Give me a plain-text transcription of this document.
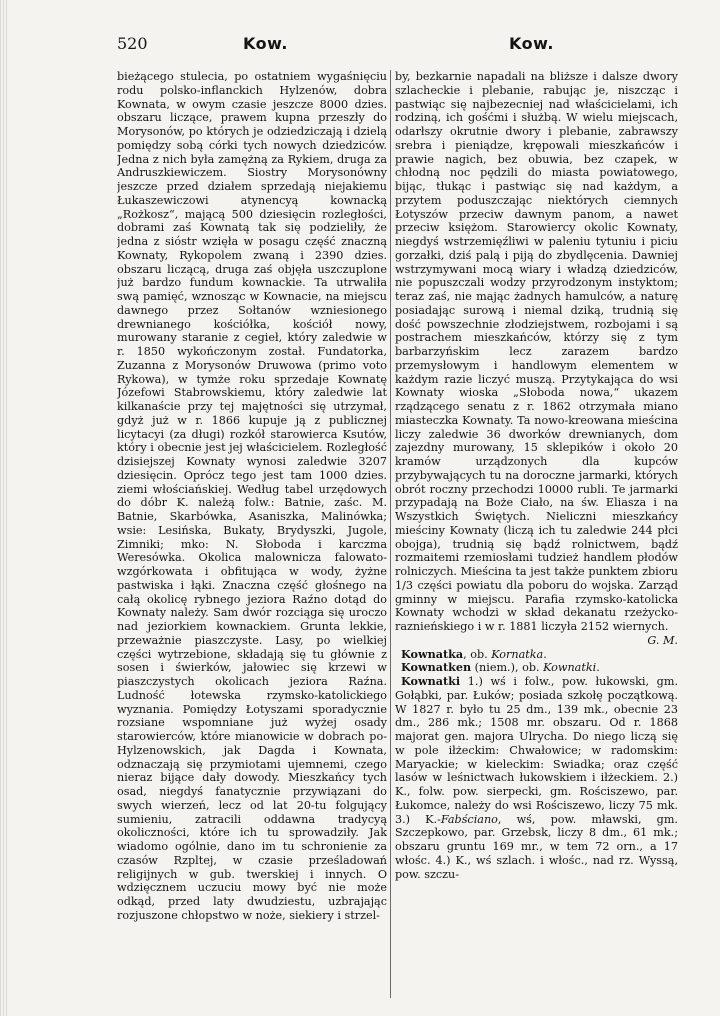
520	Kow.	Kow.

bieżącego stulecia, po ostatniem wygaśnięciu rodu polsko-inflanckich Hylzenów, dobra Kownata, w owym czasie jeszcze 8000 dzies. obszaru liczące, prawem kupna przeszły do Morysonów, po których je odziedziczają i dzielą pomiędzy sobą córki tych nowych dziedziców. Jedna z nich była zamężną za Rykiem, druga za Andruszkiewiczem. Siostry Morysonówny jeszcze przed działem sprzedają niejakiemu Łukaszewiczowi atynencyą kownacką „Rożkosz“, mającą 500 dziesięcin rozległości, dobrami zaś Kownatą tak się podzieliły, że jedna z sióstr wzięła w posagu część znaczną Kownaty, Rykopolem zwaną i 2390 dzies. obszaru liczącą, druga zaś objęła uszczuplone już bardzo fundum kownackie. Ta utrwaliła swą pamięć, wznosząc w Kownacie, na miejscu dawnego przez Sołtanów wzniesionego drewnianego kościółka, kościół nowy, murowany staranie z cegieł, który zaledwie w r. 1850 wykończonym został. Fundatorka, Zuzanna z Morysonów Druwowa (primo voto Rykowa), w tymże roku sprzedaje Kownatę Józefowi Stabrowskiemu, który zaledwie lat kilkanaście przy tej majętności się utrzymał, gdyż już w r. 1866 kupuje ją z publicznej licytacyi (za długi) rozkół starowierca Ksutów, który i obecnie jest jej właścicielem. Rozległość dzisiejszej Kownaty wynosi zaledwie 3207 dziesięcin. Oprócz tego jest tam 1000 dzies. ziemi włościańskiej. Według tabel urzędowych do dóbr K. należą folw.: Batnie, zaśc. M. Batnie, Skarbówka, Asaniszka, Malinówka; wsie: Lesińska, Bukaty, Brydyszki, Jugole, Zimniki; mko: N. Słoboda i karczma Weresówka. Okolica malownicza falowato-wzgórkowata i obfitująca w wody, żyżne pastwiska i łąki. Znaczna część głośnego na całą okolicę rybnego jeziora Raźno dotąd do Kownaty należy. Sam dwór rozciąga się uroczo nad jeziorkiem kownackiem. Grunta lekkie, przeważnie piaszczyste. Lasy, po wielkiej części wytrzebione, składają się tu głównie z sosen i świerków, jałowiec się krzewi w piaszczystych okolicach jeziora Raźna. Ludność łotewska rzymsko-katolickiego wyznania. Pomiędzy Łotyszami sporadycznie rozsiane wspomniane już wyżej osady starowierców, które mianowicie w dobrach po-Hylzenowskich, jak Dagda i Kownata, odznaczają się przymiotami ujemnemi, czego nieraz bijące dały dowody. Mieszkańcy tych osad, niegdyś fanatycznie przywiązani do swych wierzeń, lecz od lat 20-tu folgujący sumieniu, zatracili oddawna tradycyą okoliczności, które ich tu sprowadziły. Jak wiadomo ogólnie, dano im tu schronienie za czasów Rzpltej, w czasie prześladowań religijnych w gub. twerskiej i innych. O wdzięcznem uczuciu mowy być nie może odkąd, przed laty dwudziestu, uzbrajając rozjuszone chłopstwo w noże, siekiery i strzel-

by, bezkarnie napadali na bliższe i dalsze dwory szlacheckie i plebanie, rabując je, niszcząc i pastwiąc się najbezecniej nad właścicielami, ich rodziną, ich gośćmi i służbą. W wielu miejscach, odarłszy okrutnie dwory i plebanie, zabrawszy srebra i pieniądze, krępowali mieszkańców i prawie nagich, bez obuwia, bez czapek, w chłodną noc pędzili do miasta powiatowego, bijąc, tłukąc i pastwiąc się nad każdym, a przytem poduszczając niektórych ciemnych Łotyszów przeciw dawnym panom, a nawet przeciw księżom. Starowiercy okolic Kownaty, niegdyś wstrzemięźliwi w paleniu tytuniu i piciu gorzałki, dziś palą i piją do zbydlęcenia. Dawniej wstrzymywani mocą wiary i władzą dziedziców, nie popuszczali wodzy przyrodzonym instyktom; teraz zaś, nie mając żadnych hamulców, a naturę posiadając surową i niemal dziką, trudnią się dość powszechnie złodziejstwem, rozbojami i są postrachem mieszkańców, którzy się z tym barbarzyńskim lecz zarazem bardzo przemysłowym i handlowym elementem w każdym razie liczyć muszą. Przytykająca do wsi Kownaty wioska „Słoboda nowa,“ ukazem rządzącego senatu z r. 1862 otrzymała miano miasteczka Kownaty. Ta nowo-kreowana mieścina liczy zaledwie 36 dworków drewnianych, dom zajezdny murowany, 15 sklepików i około 20 kramów urządzonych dla kupców przybywających tu na doroczne jarmarki, których obrót roczny przechodzi 10000 rubli. Te jarmarki przypadają na Boże Ciało, na św. Eliasza i na Wszystkich Świętych. Nieliczni mieszkańcy mieściny Kownaty (liczą ich tu zaledwie 244 płci obojga), trudnią się bądź rolnictwem, bądź rozmaitemi rzemiosłami tudzież handlem płodów rolniczych. Mieścina ta jest także punktem zbioru 1/3 części powiatu dla poboru do wojska. Zarząd gminny w miejscu. Parafia rzymsko-katolicka Kownaty wchodzi w skład dekanatu rzeżycko-raznieńskiego i w r. 1881 liczyła 2152 wiernych.
G. M.

Kownatka, ob. Kornatka.

Kownatken (niem.), ob. Kownatki.

Kownatki 1.) wś i folw., pow. łukowski, gm. Gołąbki, par. Łuków; posiada szkołę początkową. W 1827 r. było tu 25 dm., 139 mk., obecnie 23 dm., 286 mk.; 1508 mr. obszaru. Od r. 1868 majorat gen. majora Ulrycha. Do niego liczą się w pole iłżeckim: Chwałowice; w radomskim: Maryackie; w kieleckim: Swiadka; oraz część lasów w leśnictwach łukowskiem i iłżeckiem. 2.) K., folw. pow. sierpecki, gm. Rościszewo, par. Łukomce, należy do wsi Rościszewo, liczy 75 mk. 3.) K.-Fabściano, wś, pow. mławski, gm. Szczepkowo, par. Grzebsk, liczy 8 dm., 61 mk.; obszaru gruntu 169 mr., w tem 72 orn., a 17 włośc. 4.) K., wś szlach. i włośc., nad rz. Wyssą, pow. szczu-
